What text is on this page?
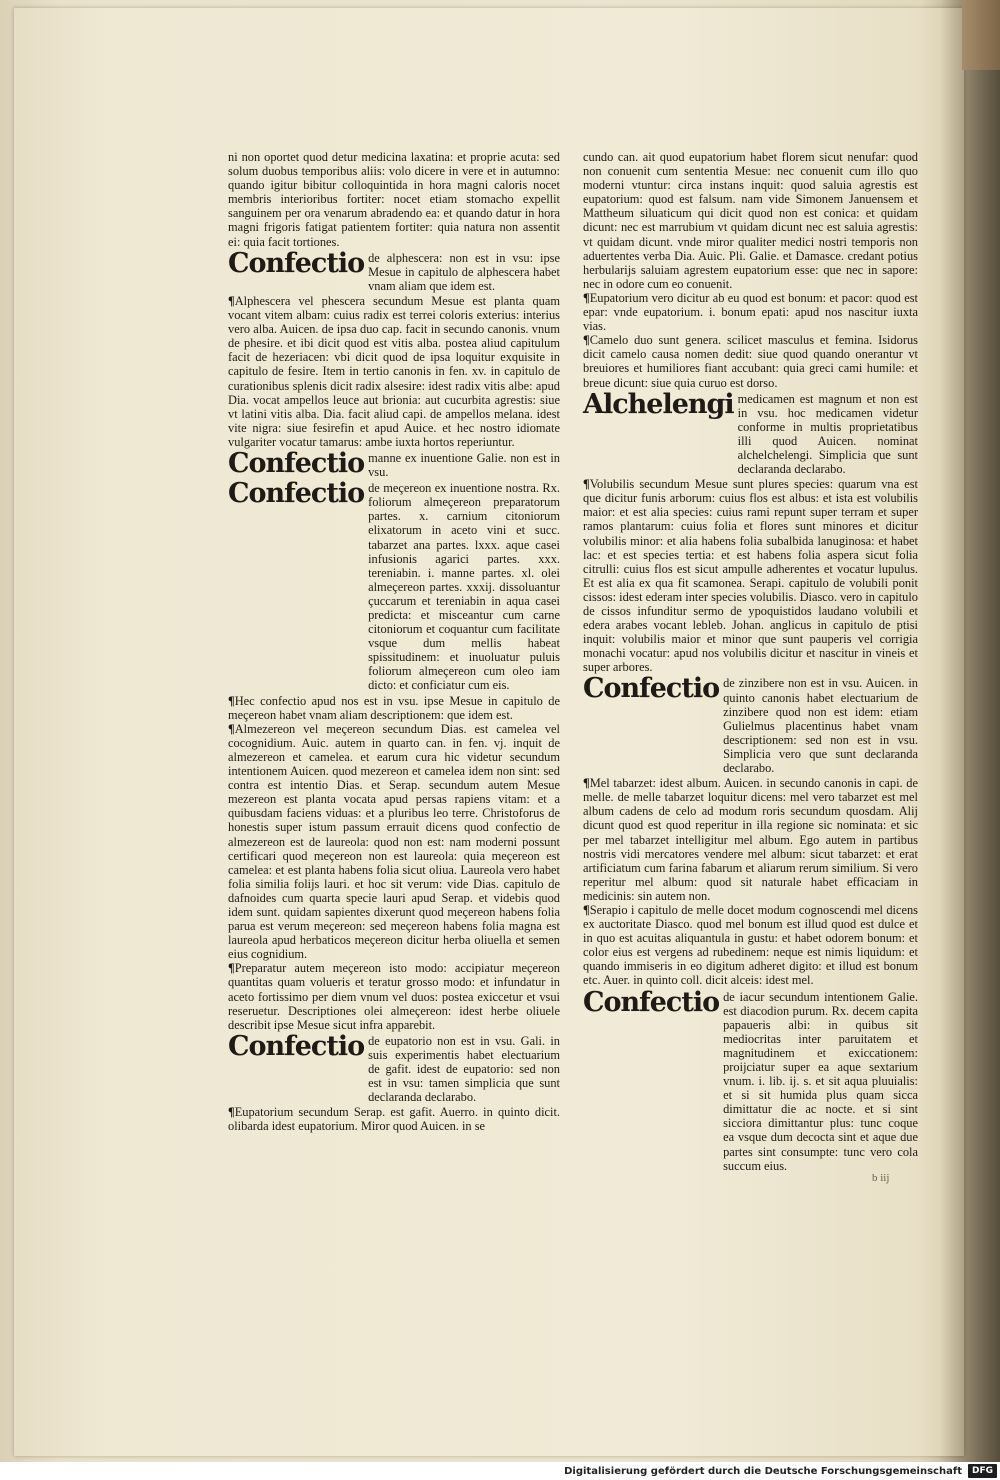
ni non oportet quod detur medicina laxatina: et proprie acuta: sed solum duobus temporibus aliis: volo dicere in vere et in autumno: quando igitur bibitur colloquintida in hora magni caloris nocet membris interioribus fortiter: nocet etiam stomacho expellit sanguinem per ora venarum abradendo ea: et quando datur in hora magni frigoris fatigat patientem fortiter: quia natura non assentit ei: quia facit tortiones.

Confectio de alphescera: non est in vsu: ipse Mesue in capitulo de alphescera habet vnam aliam que idem est.

¶Alphescera vel phescera secundum Mesue est planta quam vocant vitem albam: cuius radix est terrei coloris exterius: interius vero alba. Auicen. de ipsa duo cap. facit in secundo canonis. vnum de phesire. et ibi dicit quod est vitis alba. postea aliud capitulum facit de hezeriacen: vbi dicit quod de ipsa loquitur exquisite in capitulo de fesire. Item in tertio canonis in fen. xv. in capitulo de curationibus splenis dicit radix alsesire: idest radix vitis albe: apud Dia. vocat ampellos leuce aut brionia: aut cucurbita agrestis: siue vt latini vitis alba. Dia. facit aliud capi. de ampellos melana. idest vite nigra: siue fesirefin et apud Auice. et hec nostro idiomate vulgariter vocatur tamarus: ambe iuxta hortos reperiuntur.

Confectio manne ex inuentione Galie. non est in vsu.
Confectio de meçereon ex inuentione nostra. Rx. foliorum almeçereon preparatorum partes. x. carnium citoniorum elixatorum in aceto vini et succ. tabarzet ana partes. lxxx. aque casei infusionis agarici partes. xxx. tereniabin. i. manne partes. xl. olei almeçereon partes. xxxij. dissoluantur çuccarum et tereniabin in aqua casei predicta: et misceantur cum carne citoniorum et coquantur cum facilitate vsque dum mellis habeat spissitudinem: et inuoluatur puluis foliorum almeçereon cum oleo iam dicto: et conficiatur cum eis.

¶Hec confectio apud nos est in vsu. ipse Mesue in capitulo de meçereon habet vnam aliam descriptionem: que idem est.

¶Almezereon vel meçereon secundum Dias. est camelea vel cocognidium. Auic. autem in quarto can. in fen. vj. inquit de almezereon et camelea. et earum cura hic videtur secundum intentionem Auicen. quod mezereon et camelea idem non sint: sed contra est intentio Dias. et Serap. secundum autem Mesue mezereon est planta vocata apud persas rapiens vitam: et a quibusdam faciens viduas: et a pluribus leo terre. Christoforus de honestis super istum passum errauit dicens quod confectio de almezereon est de laureola: quod non est: nam moderni possunt certificari quod meçereon non est laureola: quia meçereon est camelea: et est planta habens folia sicut oliua. Laureola vero habet folia similia folijs lauri. et hoc sit verum: vide Dias. capitulo de dafnoides cum quarta specie lauri apud Serap. et videbis quod idem sunt. quidam sapientes dixerunt quod meçereon habens folia parua est verum meçereon: sed meçereon habens folia magna est laureola apud herbaticos meçereon dicitur herba oliuella et semen eius cognidium.

¶Preparatur autem meçereon isto modo: accipiatur meçereon quantitas quam volueris et teratur grosso modo: et infundatur in aceto fortissimo per diem vnum vel duos: postea exiccetur et vsui reseruetur. Descriptiones olei almeçereon: idest herbe oliuele describit ipse Mesue sicut infra apparebit.

Confectio de eupatorio non est in vsu. Gali. in suis experimentis habet electuarium de gafit. idest de eupatorio: sed non est in vsu: tamen simplicia que sunt declaranda declarabo.

¶Eupatorium secundum Serap. est gafit. Auerro. in quinto dicit. olibarda idest eupatorium. Miror quod Auicen. in se

cundo can. ait quod eupatorium habet florem sicut nenufar: quod non conuenit cum sententia Mesue: nec conuenit cum illo quo moderni vtuntur: circa instans inquit: quod saluia agrestis est eupatorium: quod est falsum. nam vide Simonem Januensem et Mattheum siluaticum qui dicit quod non est conica: et quidam dicunt: nec est marrubium vt quidam dicunt nec est saluia agrestis: vt quidam dicunt. vnde miror qualiter medici nostri temporis non aduertentes verba Dia. Auic. Pli. Galie. et Damasce. credant potius herbularijs saluiam agrestem eupatorium esse: que nec in sapore: nec in odore cum eo conuenit.

¶Eupatorium vero dicitur ab eu quod est bonum: et pacor: quod est epar: vnde eupatorium. i. bonum epati: apud nos nascitur iuxta vias.

¶Camelo duo sunt genera. scilicet masculus et femina. Isidorus dicit camelo causa nomen dedit: siue quod quando onerantur vt breuiores et humiliores fiant accubant: quia greci cami humile: et breue dicunt: siue quia curuo est dorso.

Alchelengi medicamen est magnum et non est in vsu. hoc medicamen videtur conforme in multis proprietatibus illi quod Auicen. nominat alchelchelengi. Simplicia que sunt declaranda declarabo.

¶Volubilis secundum Mesue sunt plures species: quarum vna est que dicitur funis arborum: cuius flos est albus: et ista est volubilis maior: et est alia species: cuius rami repunt super terram et super ramos plantarum: cuius folia et flores sunt minores et dicitur volubilis minor: et alia habens folia subalbida lanuginosa: et habet lac: et est species tertia: et est habens folia aspera sicut folia citrulli: cuius flos est sicut ampulle adherentes et vocatur lupulus. Et est alia ex qua fit scamonea. Serapi. capitulo de volubili ponit cissos: idest ederam inter species volubilis. Diasco. vero in capitulo de cissos infunditur sermo de ypoquistidos laudano volubili et edera arabes vocant lebleb. Johan. anglicus in capitulo de ptisi inquit: volubilis maior et minor que sunt pauperis vel corrigia monachi vocatur: apud nos volubilis dicitur et nascitur in vineis et super arbores.

Confectio de zinzibere non est in vsu. Auicen. in quinto canonis habet electuarium de zinzibere quod non est idem: etiam Gulielmus placentinus habet vnam descriptionem: sed non est in vsu. Simplicia vero que sunt declaranda declarabo.

¶Mel tabarzet: idest album. Auicen. in secundo canonis in capi. de melle. de melle tabarzet loquitur dicens: mel vero tabarzet est mel album cadens de celo ad modum roris secundum quosdam. Alij dicunt quod est quod reperitur in illa regione sic nominata: et sic per mel tabarzet intelligitur mel album. Ego autem in partibus nostris vidi mercatores vendere mel album: sicut tabarzet: et erat artificiatum cum farina fabarum et aliarum rerum similium. Si vero reperitur mel album: quod sit naturale habet efficaciam in medicinis: sin autem non.

¶Serapio i capitulo de melle docet modum cognoscendi mel dicens ex auctoritate Diasco. quod mel bonum est illud quod est dulce et in quo est acuitas aliquantula in gustu: et habet odorem bonum: et color eius est vergens ad rubedinem: neque est nimis liquidum: et quando immiseris in eo digitum adheret digito: et illud est bonum etc. Auer. in quinto coll. dicit alceis: idest mel.

Confectio de iacur secundum intentionem Galie. est diacodion purum. Rx. decem capita papaueris albi: in quibus sit mediocritas inter paruitatem et magnitudinem et exiccationem: proijciatur super ea aque sextarium vnum. i. lib. ij. s. et sit aqua pluuialis: et si sit humida plus quam sicca dimittatur die ac nocte. et si sint sicciora dimittantur plus: tunc coque ea vsque dum decocta sint et aque due partes sint consumpte: tunc vero cola succum eius.
b iij
Digitalisierung gefördert durch die Deutsche Forschungsgemeinschaft	DFG
